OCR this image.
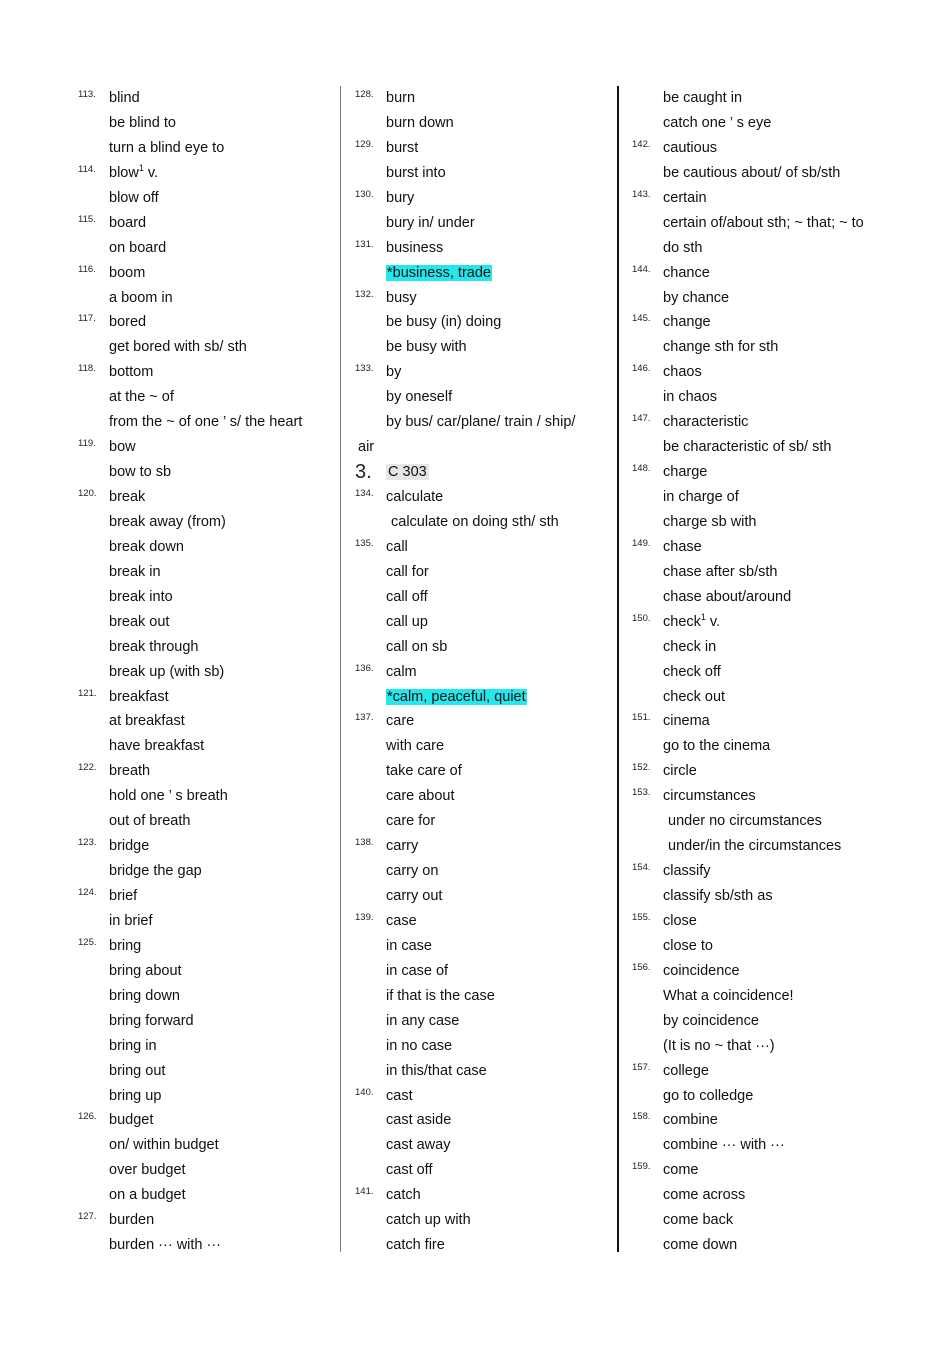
113. blind
be blind to
turn a blind eye to
114. blow$^1$ v.
blow off
115. board
on board
116. boom
a boom in
117. bored
get bored with sb/ sth
118. bottom
at the ~ of
from the ~ of one ’ s/ the heart
119. bow
bow to sb
120. break
break away (from)
break down
break in
break into
break out
break through
break up (with sb)
121. breakfast
at breakfast
have breakfast
122. breath
hold one ’ s breath
out of breath
123. bridge
bridge the gap
124. brief
in brief
125. bring
bring about
bring down
bring forward
bring in
bring out
bring up
126. budget
on/ within budget
over budget
on a budget
127. burden
burden ··· with ···
128. burn
burn down
129. burst
burst into
130. bury
bury in/ under
131. business
*business, trade
132. busy
be busy (in) doing
be busy with
133. by
by oneself
by bus/ car/plane/ train / ship/
air
3. C 303
134. calculate
calculate on doing sth/ sth
135. call
call for
call off
call up
call on sb
136. calm
*calm, peaceful, quiet
137. care
with care
take care of
care about
care for
138. carry
carry on
carry out
139. case
in case
in case of
if that is the case
in any case
in no case
in this/that case
140. cast
cast aside
cast away
cast off
141. catch
catch up with
catch fire
be caught in
catch one ’ s eye
142. cautious
be cautious about/ of sb/sth
143. certain
certain of/about sth; ~ that; ~ to
do sth
144. chance
by chance
145. change
change sth for sth
146. chaos
in chaos
147. characteristic
be characteristic of sb/ sth
148. charge
in charge of
charge sb with
149. chase
chase after sb/sth
chase about/around
150. check$^1$ v.
check in
check off
check out
151. cinema
go to the cinema
152. circle
153. circumstances
under no circumstances
under/in the circumstances
154. classify
classify sb/sth as
155. close
close to
156. coincidence
What a coincidence!
by coincidence
(It is no ~ that ···)
157. college
go to colledge
158. combine
combine ··· with ···
159. come
come across
come back
come down
